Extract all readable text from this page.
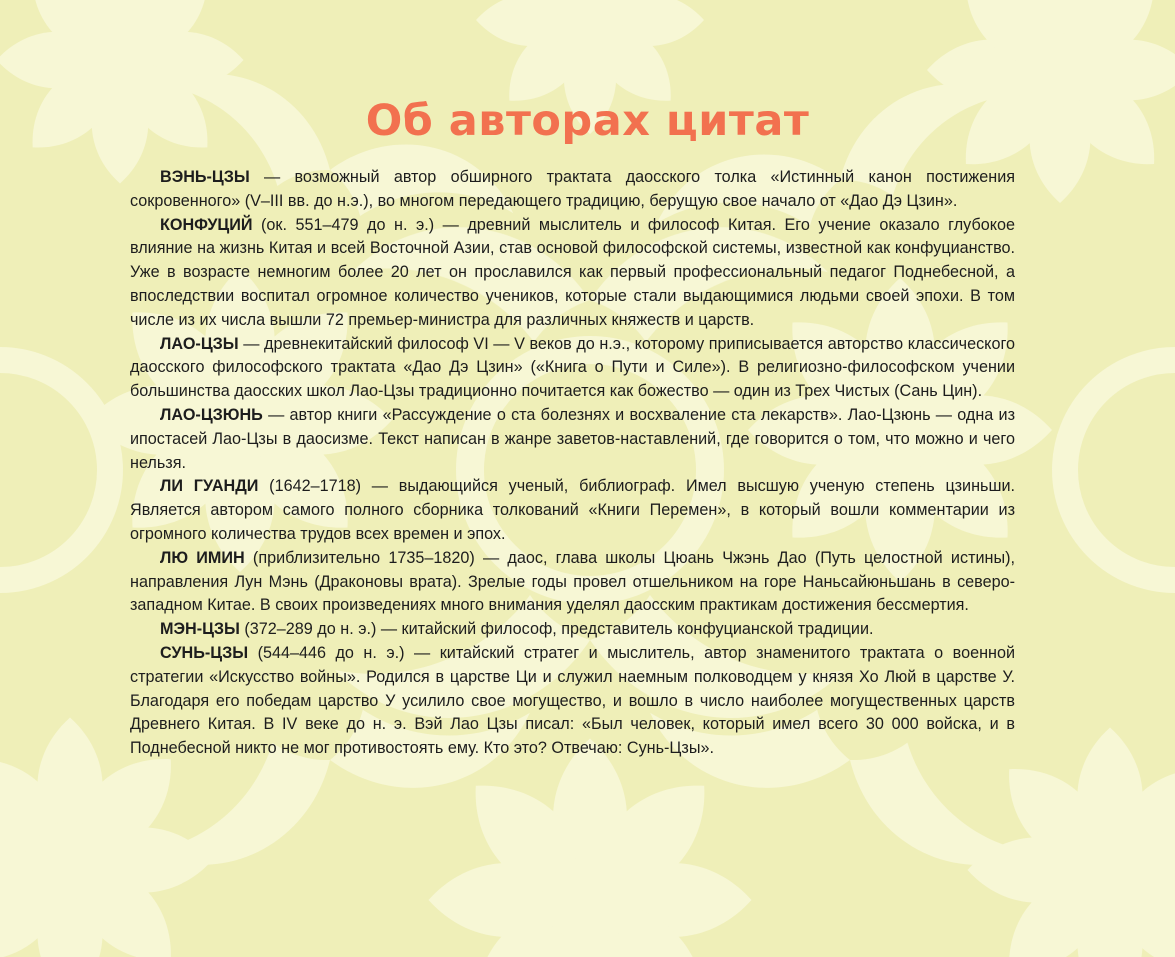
Об авторах цитат

ВЭНЬ-ЦЗЫ — возможный автор обширного трактата даосского толка «Истинный канон постижения сокровенного» (V–III вв. до н.э.), во многом передающего традицию, берущую свое начало от «Дао Дэ Цзин».

КОНФУЦИЙ (ок. 551–479 до н. э.) — древний мыслитель и философ Китая. Его учение оказало глубокое влияние на жизнь Китая и всей Восточной Азии, став основой философской системы, известной как конфуцианство. Уже в возрасте немногим более 20 лет он прославился как первый профессиональный педагог Поднебесной, а впоследствии воспитал огромное количество учеников, которые стали выдающимися людьми своей эпохи. В том числе из их числа вышли 72 премьер-министра для различных княжеств и царств.

ЛАО-ЦЗЫ — древнекитайский философ VI — V веков до н.э., которому приписывается авторство классического даосского философского трактата «Дао Дэ Цзин» («Книга о Пути и Силе»). В религиозно-философском учении большинства даосских школ Лао-Цзы традиционно почитается как божество — один из Трех Чистых (Сань Цин).

ЛАО-ЦЗЮНЬ — автор книги «Рассуждение о ста болезнях и восхваление ста лекарств». Лао-Цзюнь — одна из ипостасей Лао-Цзы в даосизме. Текст написан в жанре заветов-наставлений, где говорится о том, что можно и чего нельзя.

ЛИ ГУАНДИ (1642–1718) — выдающийся ученый, библиограф. Имел высшую ученую степень цзиньши. Является автором самого полного сборника толкований «Книги Перемен», в который вошли комментарии из огромного количества трудов всех времен и эпох.

ЛЮ ИМИН (приблизительно 1735–1820) — даос, глава школы Цюань Чжэнь Дао (Путь целостной истины), направления Лун Мэнь (Драконовы врата). Зрелые годы провел отшельником на горе Наньсайюньшань в северо-западном Китае. В своих произведениях много внимания уделял даосским практикам достижения бессмертия.

МЭН-ЦЗЫ (372–289 до н. э.) — китайский философ, представитель конфуцианской традиции.

СУНЬ-ЦЗЫ (544–446 до н. э.) — китайский стратег и мыслитель, автор знаменитого трактата о военной стратегии «Искусство войны». Родился в царстве Ци и служил наемным полководцем у князя Хо Люй в царстве У. Благодаря его победам царство У усилило свое могущество, и вошло в число наиболее могущественных царств Древнего Китая. В IV веке до н. э. Вэй Лао Цзы писал: «Был человек, который имел всего 30 000 войска, и в Поднебесной никто не мог противостоять ему. Кто это? Отвечаю: Сунь-Цзы».
